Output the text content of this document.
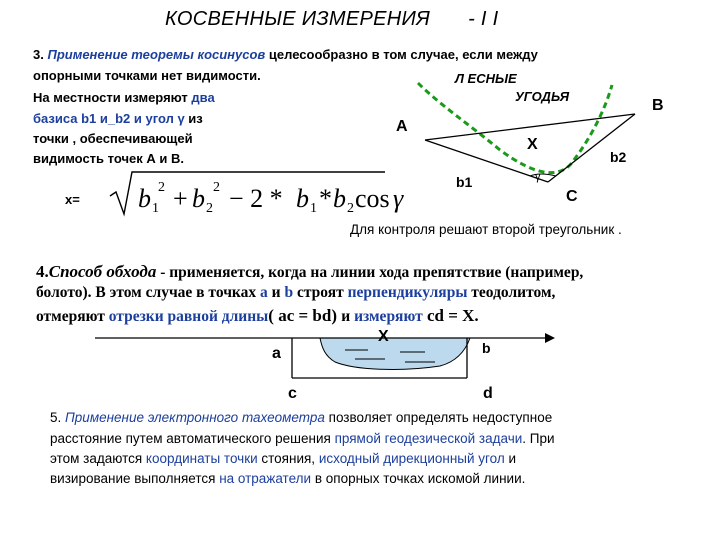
КОСВЕННЫЕ ИЗМЕРЕНИЯ - I I
3. Применение теоремы косинусов целесообразно в том случае, если между
опорными точками нет видимости.
На местности измеряют два
базиса b1 и_b2 и угол γ из
точки , обеспечивающей
видимость точек А и В.
x= b 1
2 + b 2
2 − 2 * b 1 * b 2 cos γ
Л ЕСНЫЕ
УГОДЬЯ
A
B
C
X
b1
b2
γ
Для контроля решают второй треугольник .
4.Способ обхода - применяется, когда на линии хода препятствие (например,
болото). В этом случае в точках а и b строят перпендикуляры теодолитом,
отмеряют отрезки равной длины( ac = bd) и измеряют cd = X.
a	b
c	d
X
5. Применение электронного тахеометра позволяет определять недоступное
расстояние путем автоматического решения прямой геодезической задачи. При
этом задаются координаты точки стояния, исходный дирекционный угол и
визирование выполняется на отражатели в опорных точках искомой линии.
